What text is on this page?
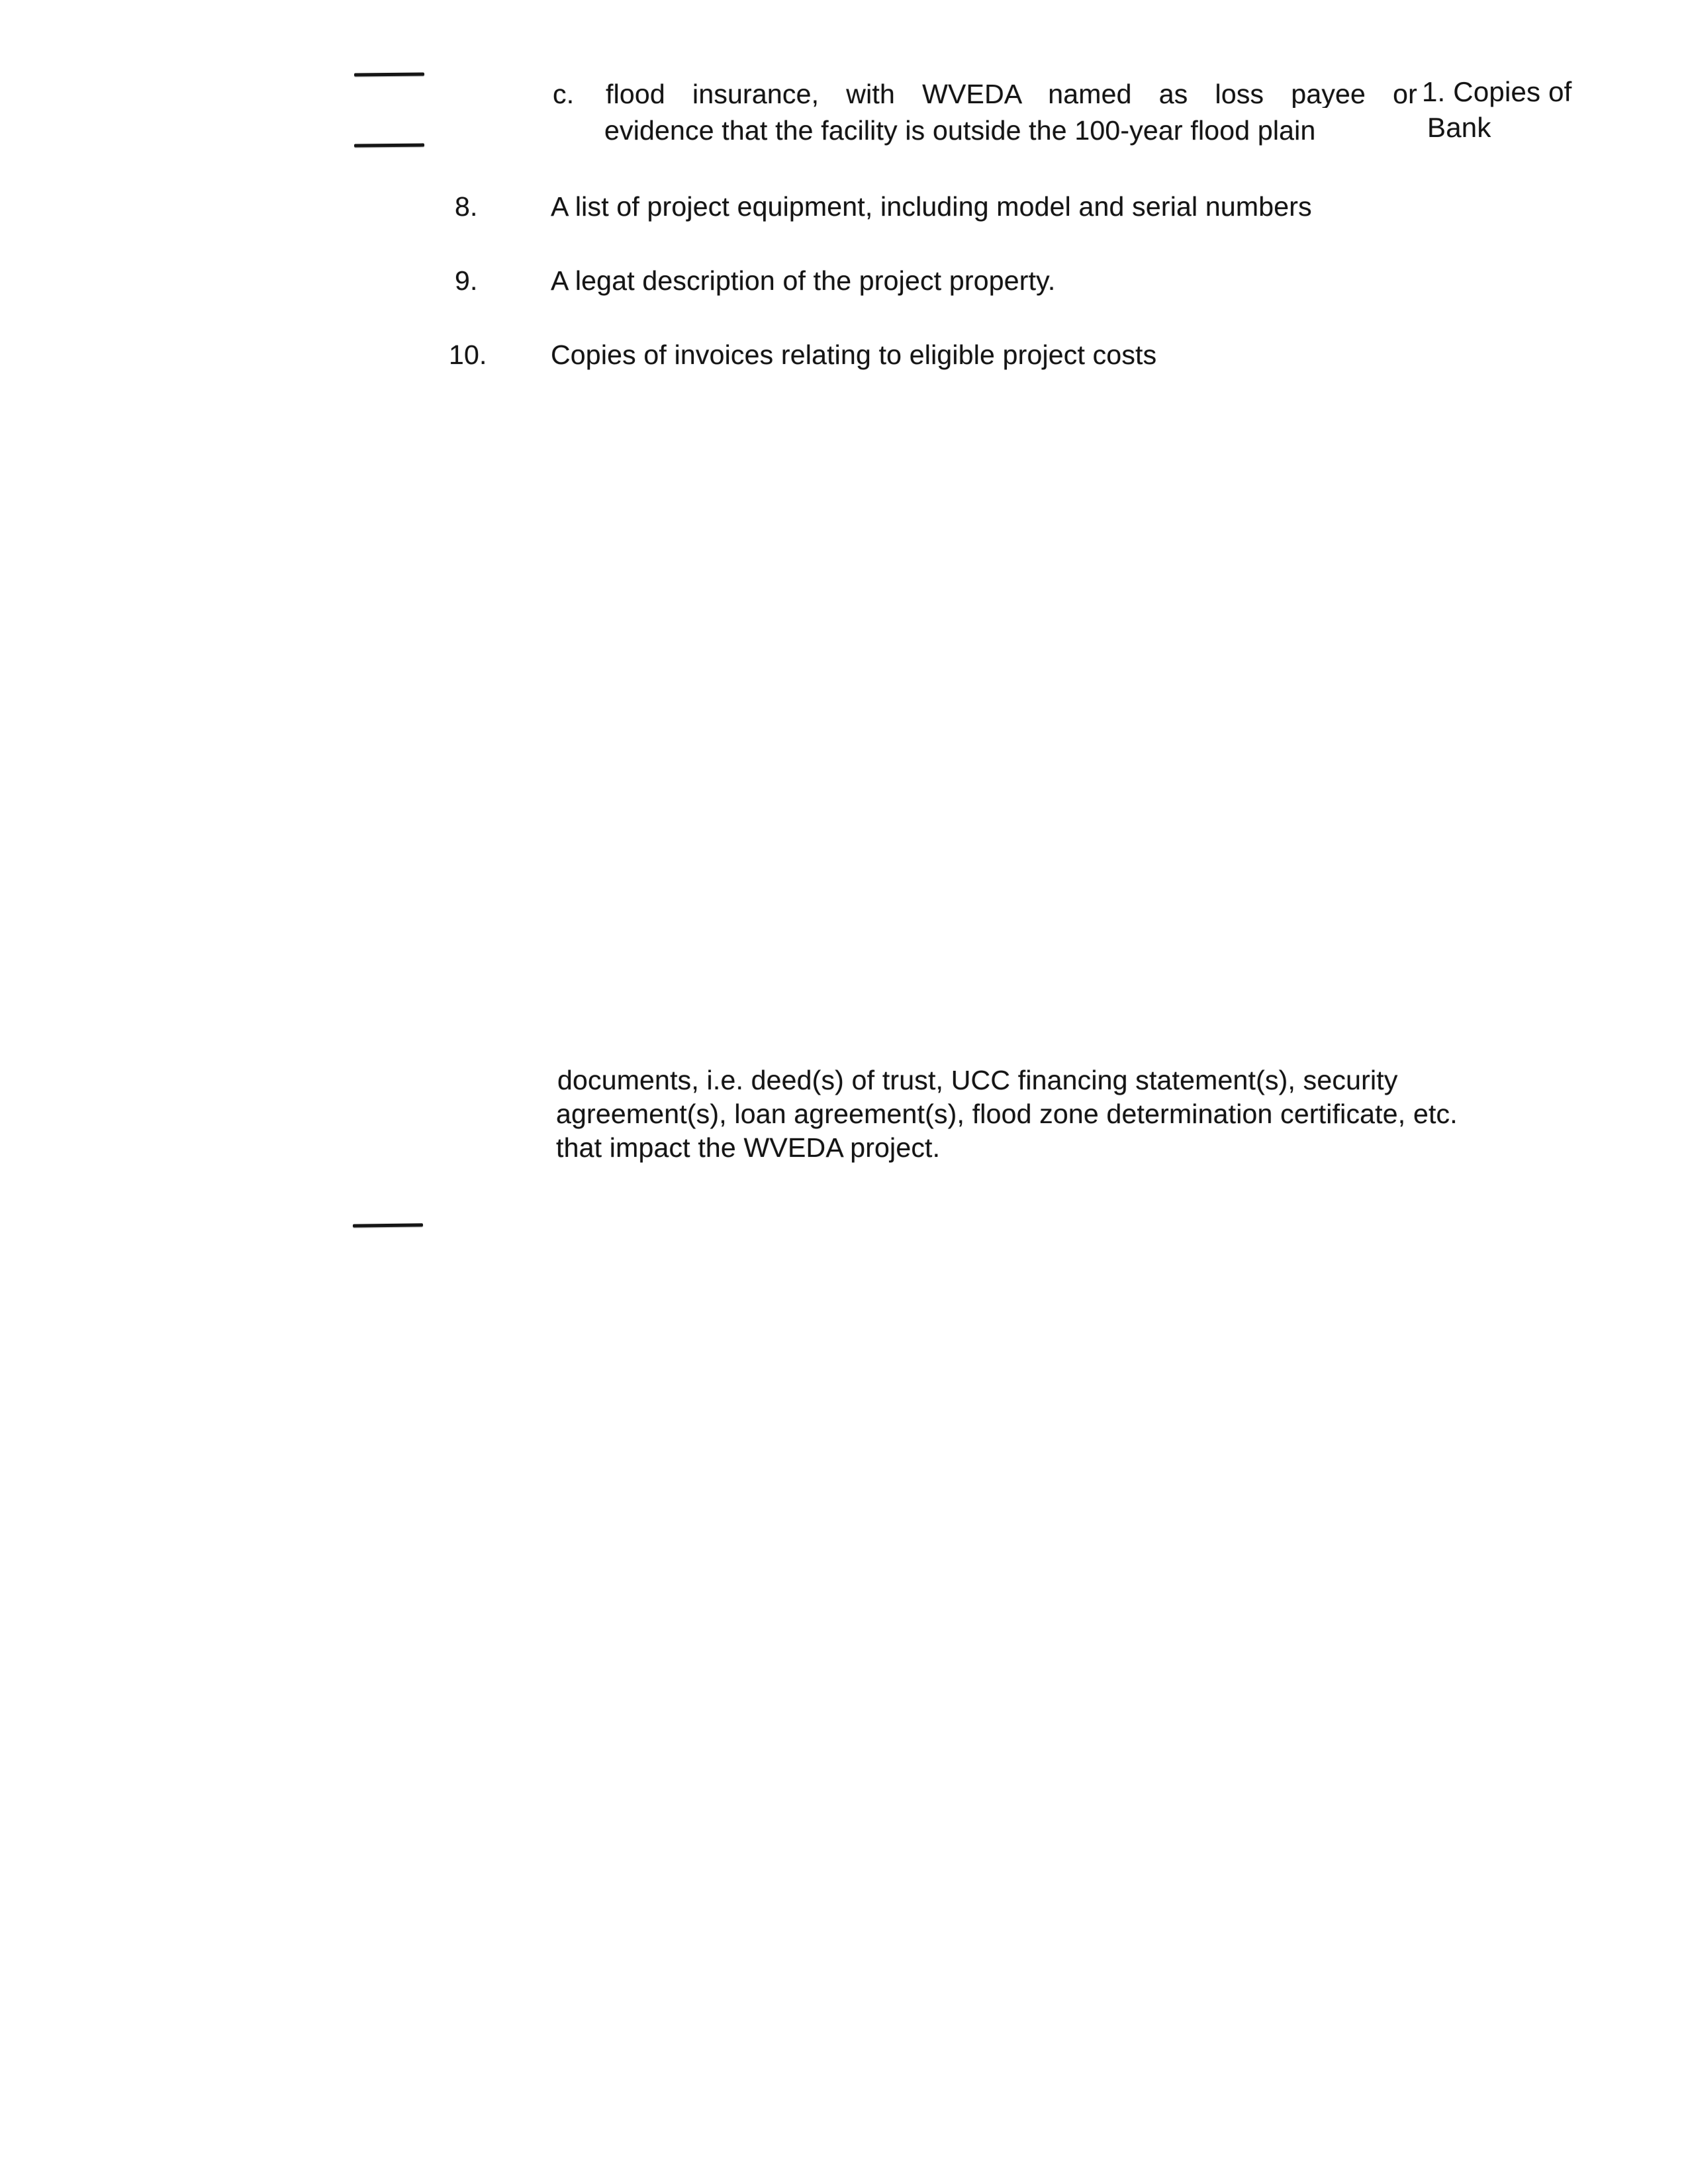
c. flood insurance, with WVEDA named as loss payee or
evidence that the facility is outside the 100-year flood plain
1. Copies of
Bank
8.	A list of project equipment, including model and serial numbers
9.	A legat description of the project property.
10. Copies of invoices relating to eligible project costs
documents, i.e. deed(s) of trust, UCC financing statement(s), security
agreement(s), loan agreement(s), flood zone determination certificate, etc.
that impact the WVEDA project.
